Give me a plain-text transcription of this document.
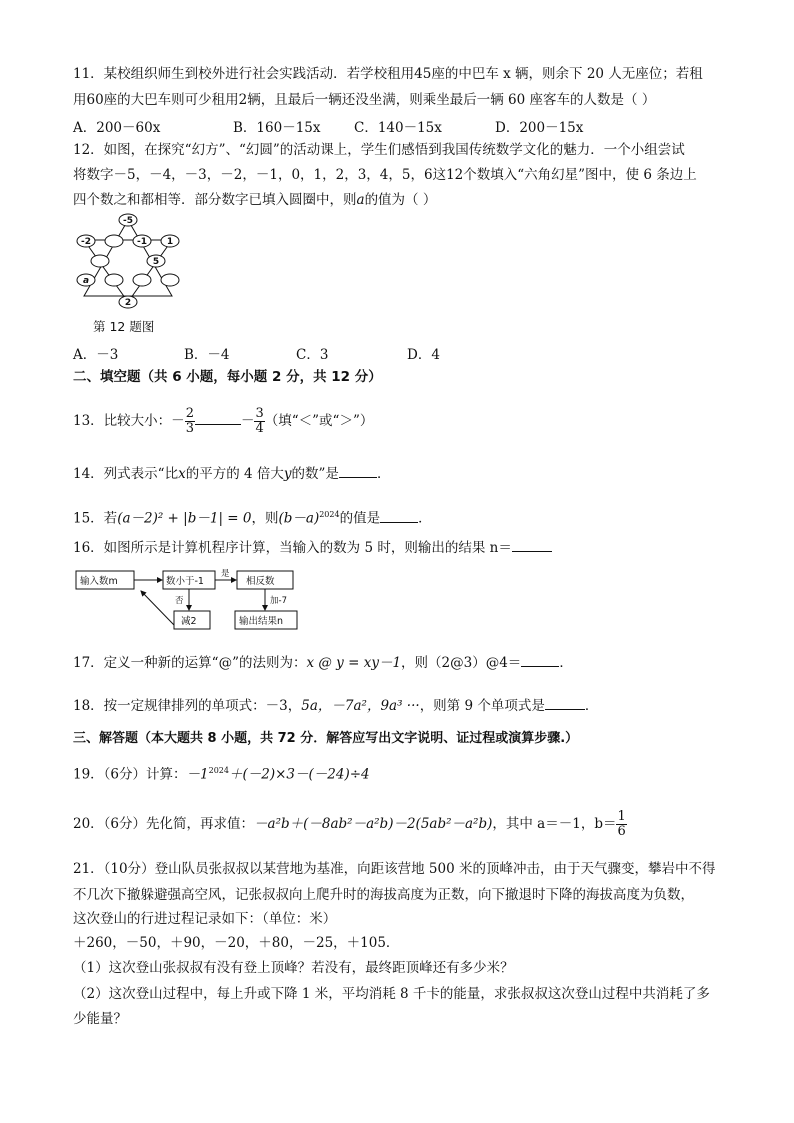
11．某校组织师生到校外进行社会实践活动．若学校租用45座的中巴车 x 辆，则余下 20 人无座位；若租
用60座的大巴车则可少租用2辆，且最后一辆还没坐满，则乘坐最后一辆 60 座客车的人数是（ ）
A．200－60x	B．160－15x C．140－15x	D．200－15x
12．如图，在探究“幻方”、“幻圆”的活动课上，学生们感悟到我国传统数学文化的魅力．一个小组尝试
将数字－5，－4，－3，－2，－1，0，1，2，3，4，5，6这12个数填入“六角幻星”图中，使 6 条边上
四个数之和都相等．部分数字已填入圆圈中，则a的值为（ ）
-5
-2	-1 1
5
a
2
第 12 题图
A．－3	B．－4	C．3	D．4
二、填空题（共 6 小题，每小题 2 分，共 12 分）
13．比较大小：－ $\frac{2}{3}$	－ $\frac{3}{4}$ （填“＜”或“＞”）
14．列式表示“比x的平方的 4 倍大y的数”是	．
15．若(a－2)² + |b－1| = 0，则$(b-a)^{2024}$的值是	．
16．如图所示是计算机程序计算，当输入的数为 5 时，则输出的结果 n＝
输入数m	数小于-1
是
相反数
否	加-7
减2	输出结果n
17．定义一种新的运算“@”的法则为：x @ y = xy－1，则（2@3）@4＝	．
18．按一定规律排列的单项式：－3，5a，－7a²，9a³ ···，则第 9 个单项式是	．
三、解答题（本大题共 8 小题，共 72 分．解答应写出文字说明、证过程或演算步骤.）
19．（6分）计算：$-1^{2024}+(-2)\times 3-(-24)\div 4$
20．（6分）先化简，再求值：－a²b＋(－8ab²－a²b)－2(5ab²－a²b)，其中 a＝－1，$b= \frac{1}{6}$
21．（10分）登山队员张叔叔以某营地为基准，向距该营地 500 米的顶峰冲击，由于天气骤变，攀岩中不得
不几次下撤躲避强高空风，记张叔叔向上爬升时的海拔高度为正数，向下撤退时下降的海拔高度为负数，
这次登山的行进过程记录如下：（单位：米）
＋260，－50，＋90，－20，＋80，－25，＋105．
（1）这次登山张叔叔有没有登上顶峰？若没有，最终距顶峰还有多少米？
（2）这次登山过程中，每上升或下降 1 米，平均消耗 8 千卡的能量，求张叔叔这次登山过程中共消耗了多
少能量？
